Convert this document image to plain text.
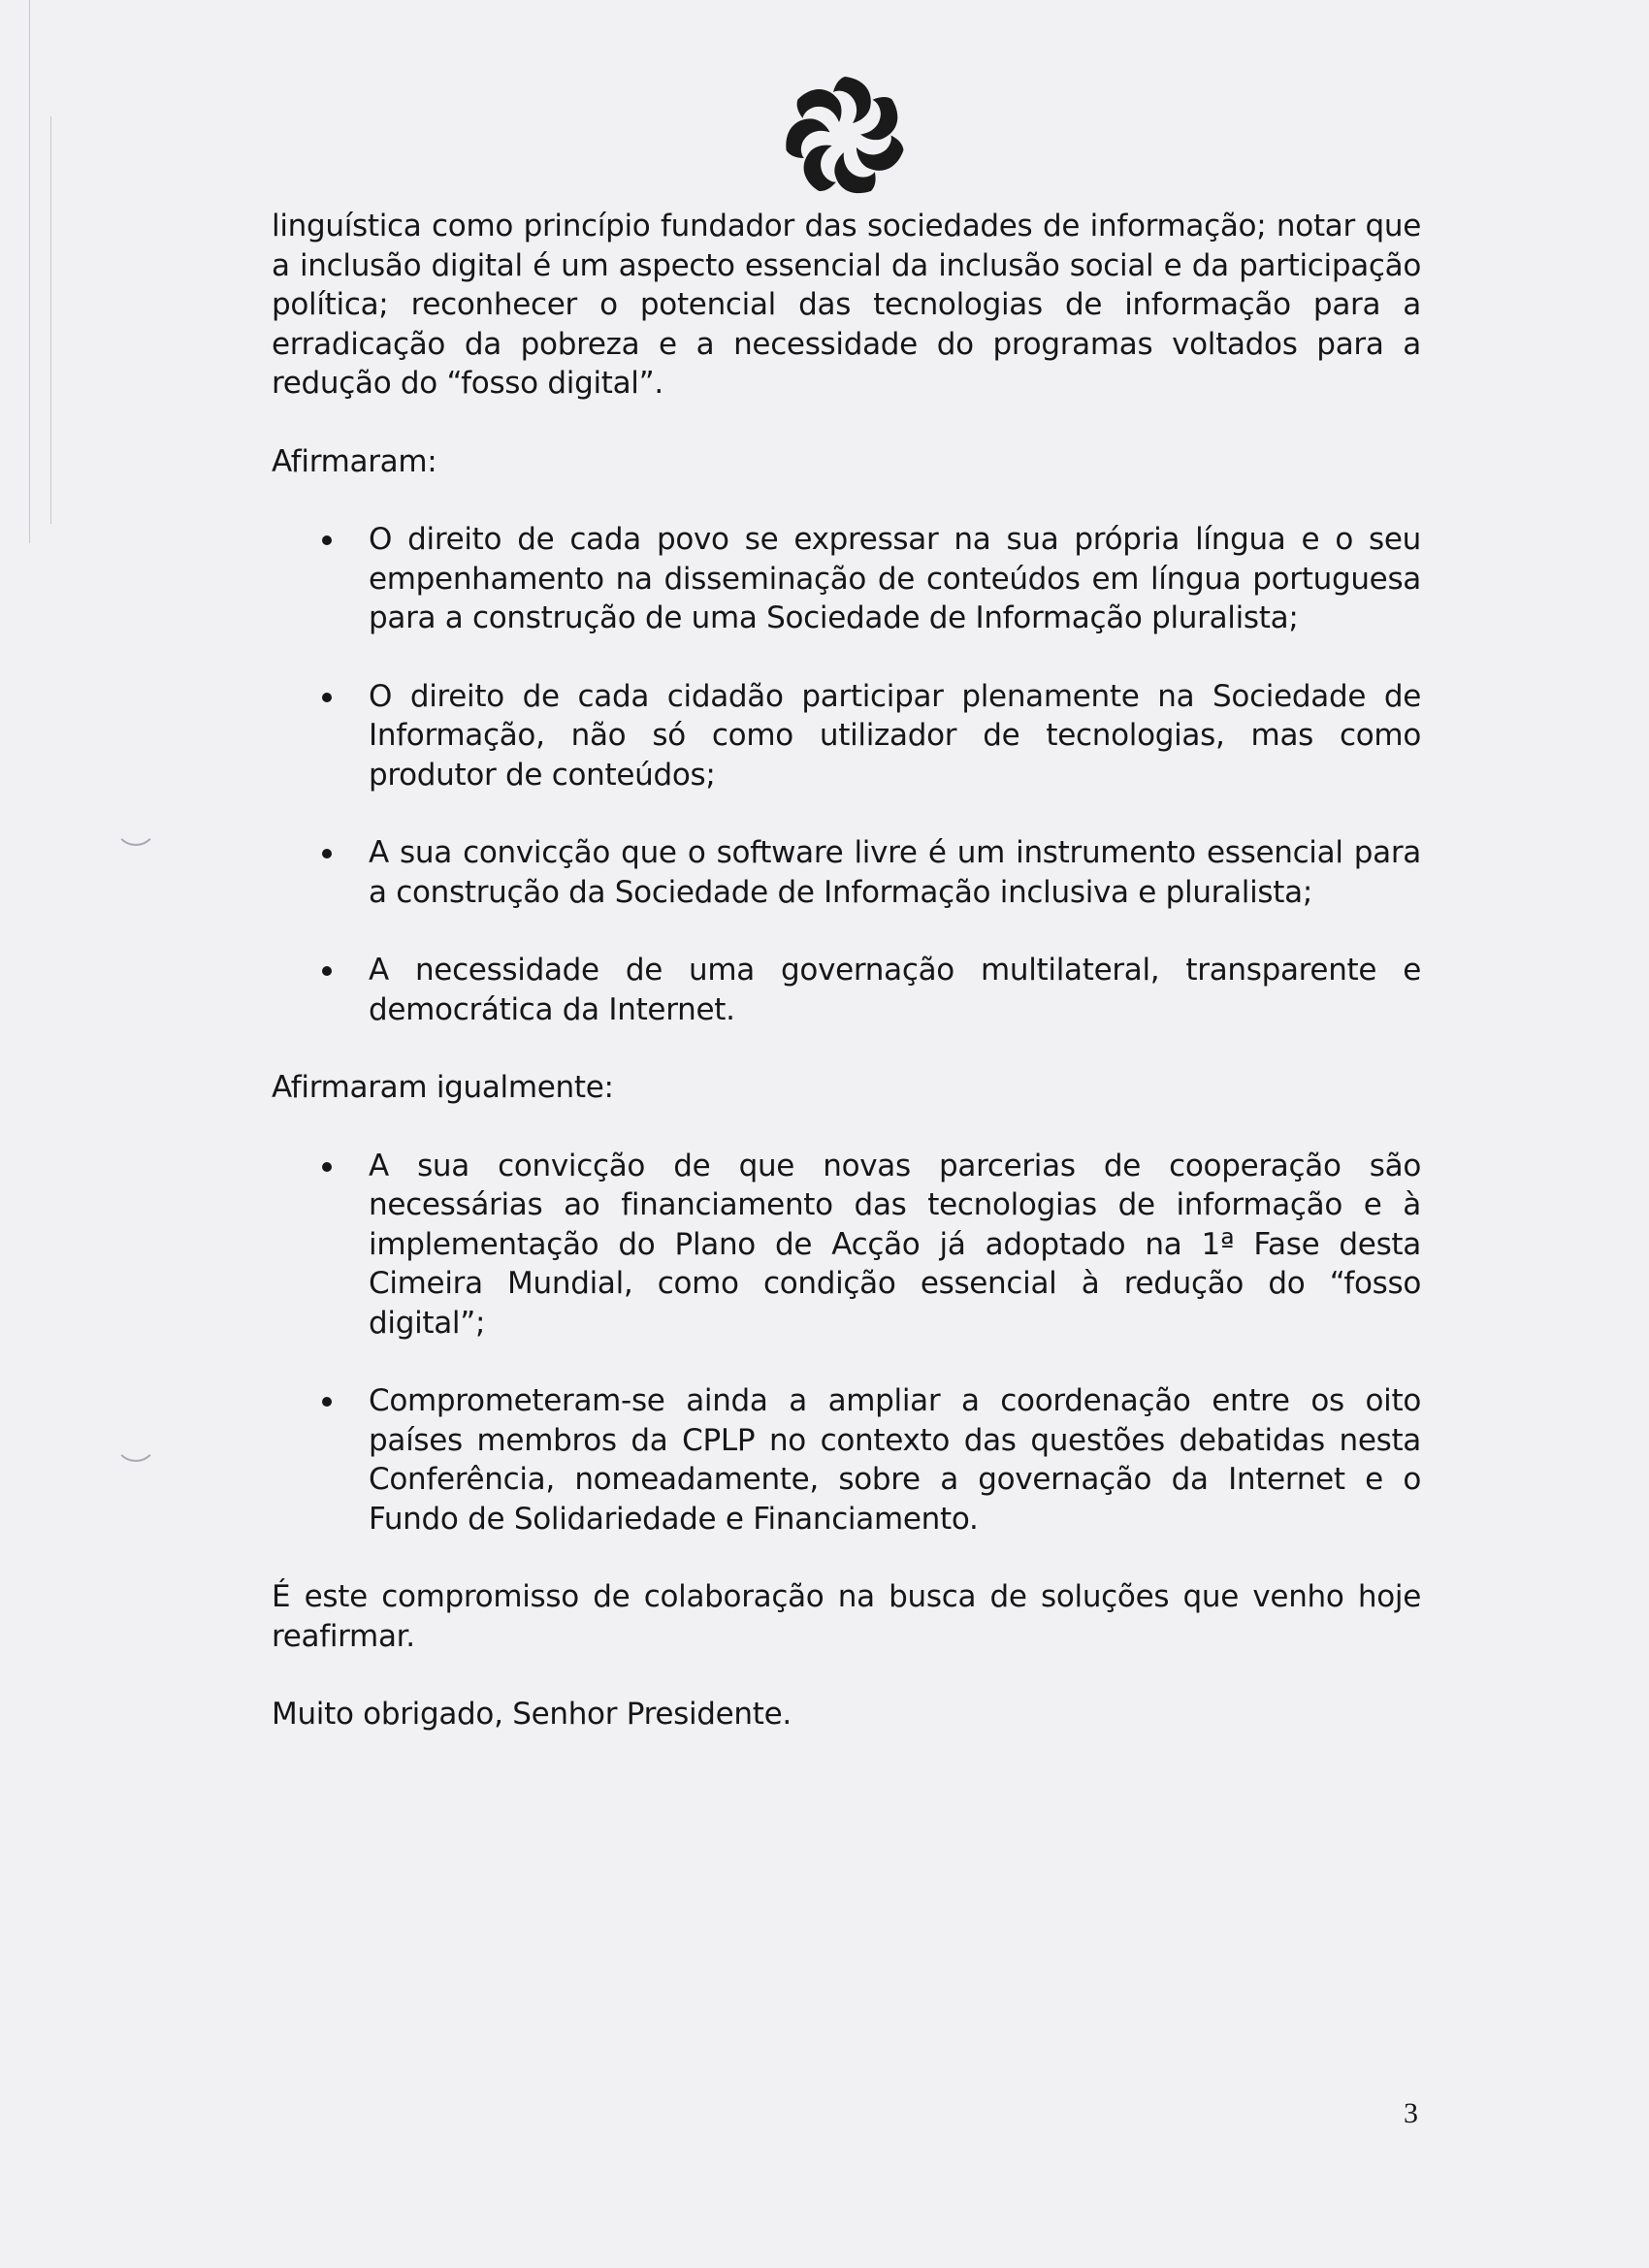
linguística como princípio fundador das sociedades de informação; notar que a inclusão digital é um aspecto essencial da inclusão social e da participação política; reconhecer o potencial das tecnologias de informação para a erradicação da pobreza e a necessidade do programas voltados para a redução do “fosso digital”.

Afirmaram:

O direito de cada povo se expressar na sua própria língua e o seu empenhamento na disseminação de conteúdos em língua portuguesa para a construção de uma Sociedade de Informação pluralista;
O direito de cada cidadão participar plenamente na Sociedade de Informação, não só como utilizador de tecnologias, mas como produtor de conteúdos;
A sua convicção que o software livre é um instrumento essencial para a construção da Sociedade de Informação inclusiva e pluralista;
A necessidade de uma governação multilateral, transparente e democrática da Internet.

Afirmaram igualmente:

A sua convicção de que novas parcerias de cooperação são necessárias ao financiamento das tecnologias de informação e à implementação do Plano de Acção já adoptado na 1ª Fase desta Cimeira Mundial, como condição essencial à redução do “fosso digital”;
Comprometeram-se ainda a ampliar a coordenação entre os oito países membros da CPLP no contexto das questões debatidas nesta Conferência, nomeadamente, sobre a governação da Internet e o Fundo de Solidariedade e Financiamento.

É este compromisso de colaboração na busca de soluções que venho hoje reafirmar.

Muito obrigado, Senhor Presidente.

3
